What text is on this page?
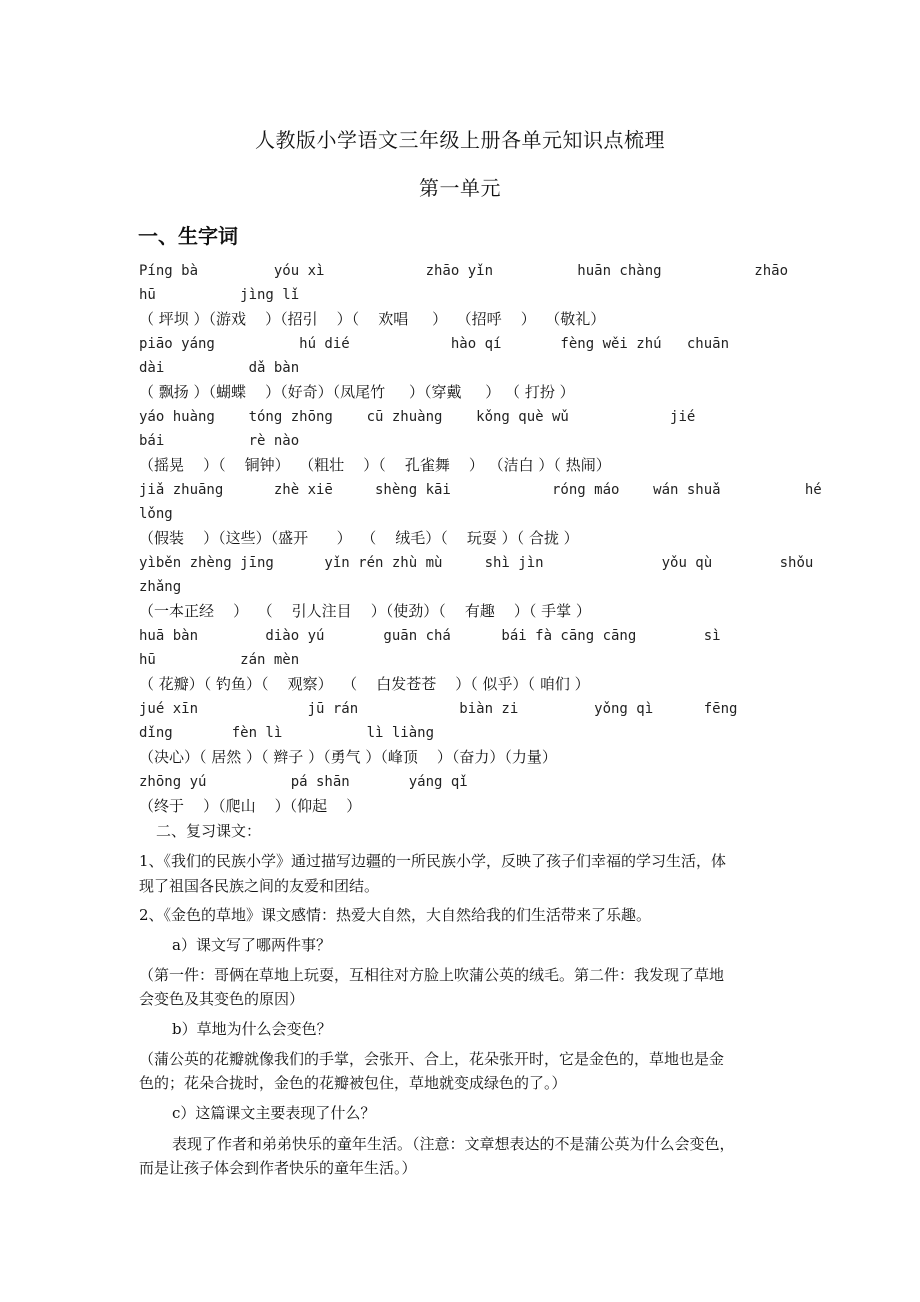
人教版小学语文三年级上册各单元知识点梳理
第一单元
一、生字词
Píng bà         yóu xì            zhāo yǐn          huān chàng           zhāo
hū          jìng lǐ
（ 坪坝 ）（游戏    ）（招引    ）（    欢唱     ）  （招呼    ）  （敬礼）
piāo yáng          hú dié            hào qí       fèng wěi zhú   chuān
dài          dǎ bàn
（ 飘扬 ）（蝴蝶    ）（好奇）（凤尾竹     ）（穿戴     ） （ 打扮 ）
yáo huàng    tóng zhōng    cū zhuàng    kǒng què wǔ            jié
bái          rè nào
（摇晃    ）（    铜钟）  （粗壮    ）（    孔雀舞    ） （洁白 ）（ 热闹）
jiǎ zhuāng      zhè xiē     shèng kāi            róng máo    wán shuǎ          hé
lǒng
（假装    ）（这些）（盛开      ）  （    绒毛）（    玩耍 ）（ 合拢 ）
yìběn zhèng jīng      yǐn rén zhù mù     shì jìn              yǒu qù        shǒu
zhǎng
（一本正经    ）  （    引人注目    ）（使劲）（    有趣    ）（ 手掌 ）
huā bàn        diào yú       guān chá      bái fà cāng cāng        sì
hū          zán mèn
（ 花瓣）（ 钓鱼）（    观察）  （    白发苍苍    ）（ 似乎）（ 咱们 ）
jué xīn             jū rán            biàn zi         yǒng qì      fēng
dǐng       fèn lì          lì liàng
（决心）（ 居然 ）（ 辫子 ）（勇气 ）（峰顶    ）（奋力）（力量）
zhōng yú          pá shān       yáng qǐ
（终于    ）（爬山    ）（仰起    ）
二、复习课文：
1、《我们的民族小学》通过描写边疆的一所民族小学，反映了孩子们幸福的学习生活，体
现了祖国各民族之间的友爱和团结。
2、《金色的草地》课文感情：热爱大自然，大自然给我的们生活带来了乐趣。
a）课文写了哪两件事？
（第一件：哥俩在草地上玩耍，互相往对方脸上吹蒲公英的绒毛。第二件：我发现了草地
会变色及其变色的原因）
b）草地为什么会变色？
（蒲公英的花瓣就像我们的手掌，会张开、合上，花朵张开时，它是金色的，草地也是金
色的；花朵合拢时，金色的花瓣被包住，草地就变成绿色的了。）
c）这篇课文主要表现了什么？
表现了作者和弟弟快乐的童年生活。（注意：文章想表达的不是蒲公英为什么会变色，
而是让孩子体会到作者快乐的童年生活。）
